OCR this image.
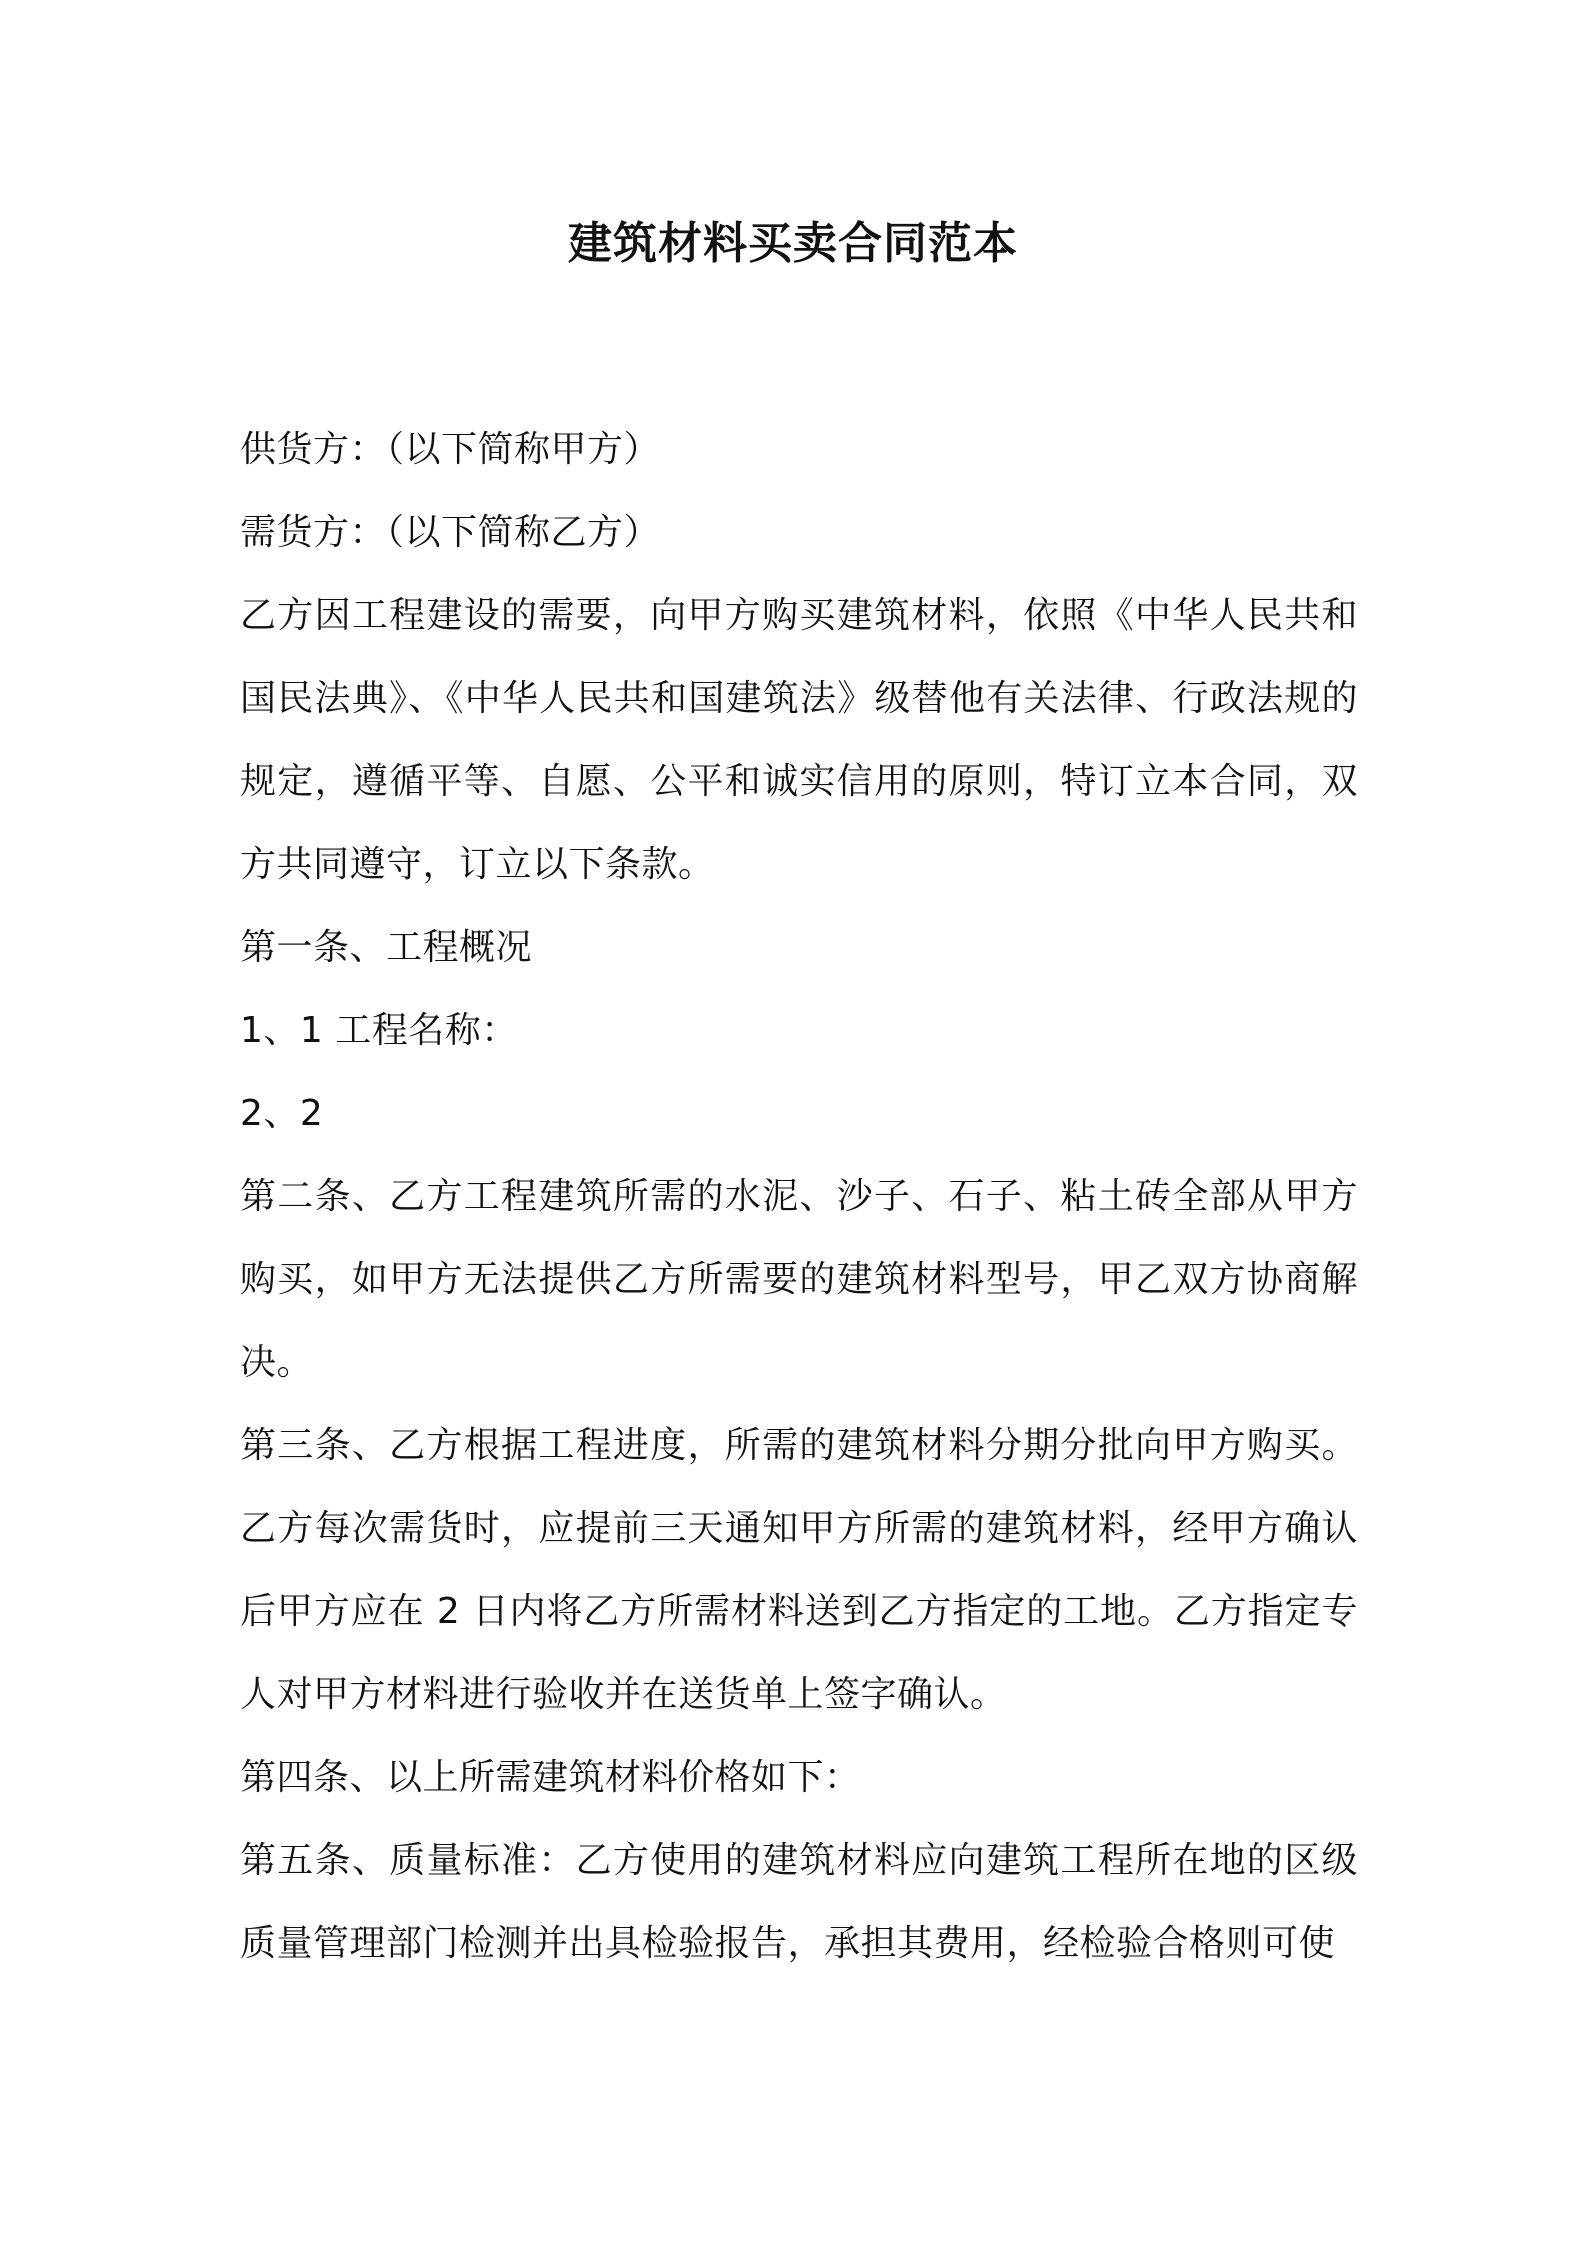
建筑材料买卖合同范本

供货方：（以下简称甲方）

需货方：（以下简称乙方）

乙方因工程建设的需要，向甲方购买建筑材料，依照《中华人民共和国民法典》、《中华人民共和国建筑法》级替他有关法律、行政法规的规定，遵循平等、自愿、公平和诚实信用的原则，特订立本合同，双方共同遵守，订立以下条款。

第一条、工程概况

1、1 工程名称：

2、2

第二条、乙方工程建筑所需的水泥、沙子、石子、粘土砖全部从甲方购买，如甲方无法提供乙方所需要的建筑材料型号，甲乙双方协商解决。

第三条、乙方根据工程进度，所需的建筑材料分期分批向甲方购买。乙方每次需货时，应提前三天通知甲方所需的建筑材料，经甲方确认后甲方应在 2 日内将乙方所需材料送到乙方指定的工地。乙方指定专人对甲方材料进行验收并在送货单上签字确认。

第四条、以上所需建筑材料价格如下：

第五条、质量标准：乙方使用的建筑材料应向建筑工程所在地的区级质量管理部门检测并出具检验报告，承担其费用，经检验合格则可使
